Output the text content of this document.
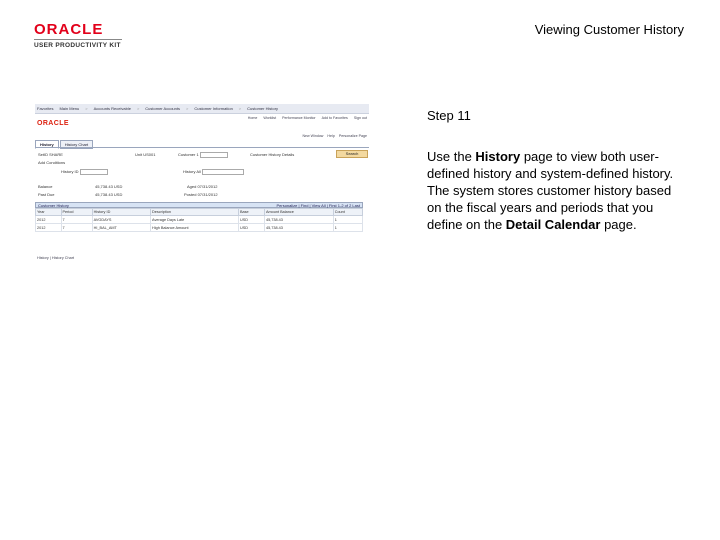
ORACLE
USER PRODUCTIVITY KIT
Viewing Customer History
Step 11
Use the History page to view both user-defined history and system-defined history. The system stores customer history based on the fiscal years and periods that you define on the Detail Calendar page.
Favorites Main Menu > Accounts Receivable > Customer Accounts > Customer Information > Customer History
Home Worklist Performance Monitor Add to Favorites Sign out
ORACLE
New Window Help Personalize Page
History	History Chart
SetID SHARE	Unit US001	Customer 1	Customer History Details	Search
Add Conditions
History ID	History All
Balance	45,738.43 USD	Aged 07/31/2012
Past Due	45,738.43 USD	Posted 07/31/2012
Customer History	Personalize | Find | View All | First 1-2 of 2 Last
Year	Period	History ID	Description	Base	Amount Balance	Count
2012	7	AVGDAYS	Average Days Late	USD	45,738.43	1
2012	7	HI_BAL_AMT	High Balance Amount	USD	45,738.43	1
History | History Chart
